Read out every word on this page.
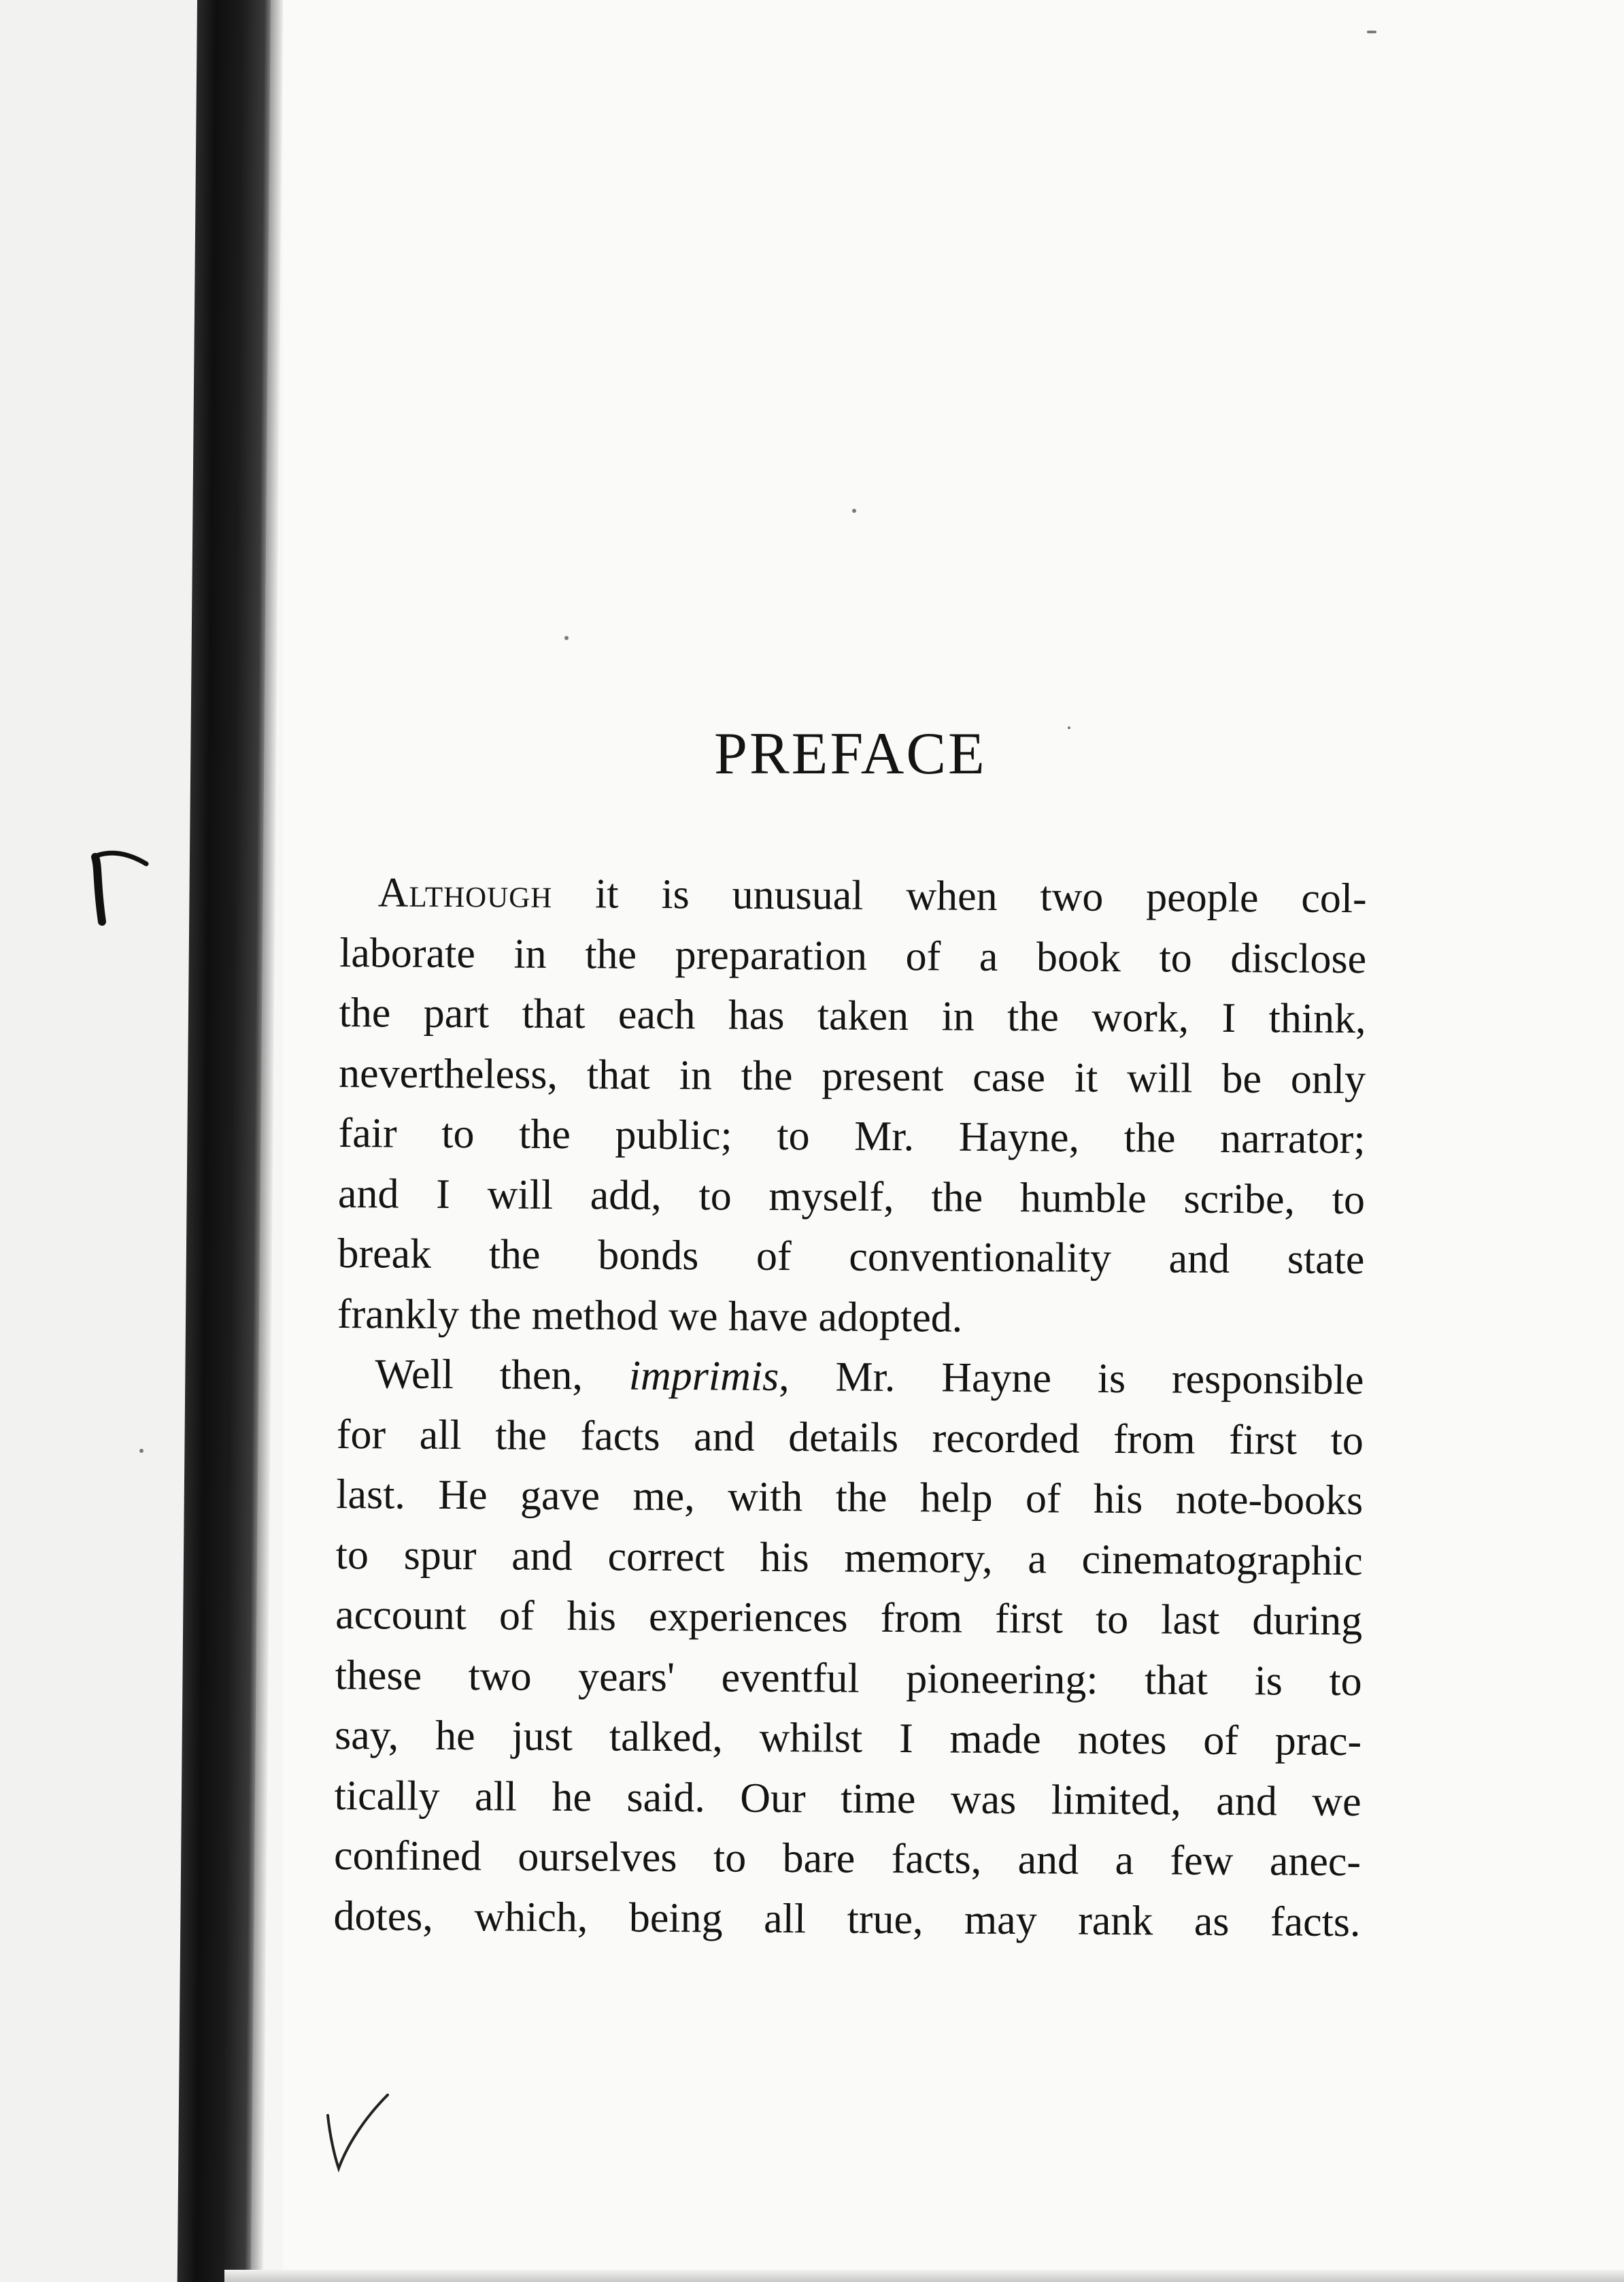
PREFACE
Although it is unusual when two people col-
laborate in the preparation of a book to disclose
the part that each has taken in the work, I think,
nevertheless, that in the present case it will be only
fair to the public; to Mr. Hayne, the narrator;
and I will add, to myself, the humble scribe, to
break the bonds of conventionality and state
frankly the method we have adopted.
Well then, imprimis, Mr. Hayne is responsible
for all the facts and details recorded from first to
last. He gave me, with the help of his note-books
to spur and correct his memory, a cinematographic
account of his experiences from first to last during
these two years' eventful pioneering: that is to
say, he just talked, whilst I made notes of prac-
tically all he said. Our time was limited, and we
confined ourselves to bare facts, and a few anec-
dotes, which, being all true, may rank as facts.
